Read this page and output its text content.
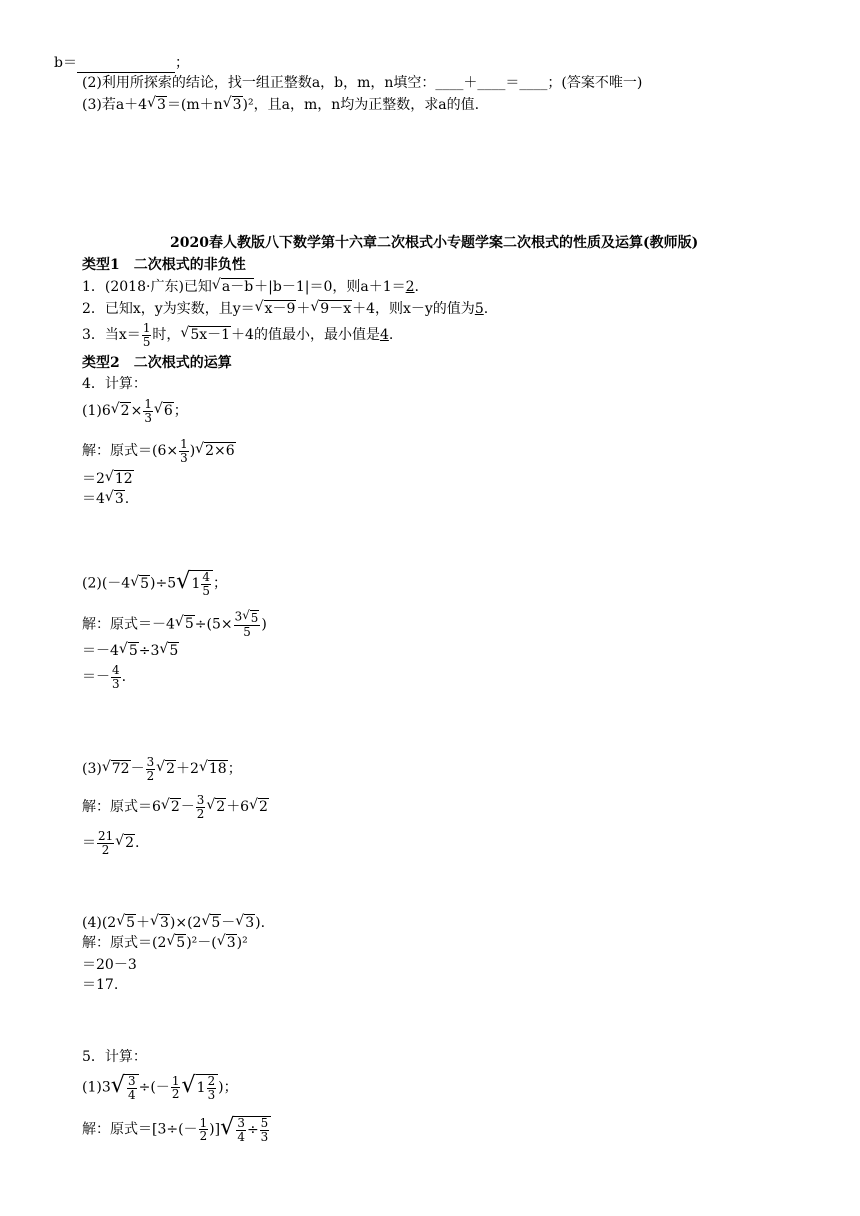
b＝	；
(2)利用所探索的结论，找一组正整数a，b，m，n填空：____＋____＝____；(答案不唯一)
(3)若a＋4 √ 3 ＝(m＋n √ 3 )²，且a，m，n均为正整数，求a的值.
2020春人教版八下数学第十六章二次根式小专题学案二次根式的性质及运算(教师版)
类型1　二次根式的非负性
1．(2018·广东)已知 √ a－b ＋|b－1|＝0，则a＋1＝2.
2．已知x，y为实数，且y＝ √ x－9 ＋ √ 9－x ＋4，则x－y的值为5.
3．当$x= \frac{1}{5}$ 时， √ 5x－1 ＋4的值最小，最小值是4.
类型2　二次根式的运算
4．计算：
(1)6 √ $2 \times \frac{1}{3}$ √ 6 ；
解：原式$=(6\times \frac{1}{3}$ ) √ 2×6
＝2 √ 12
＝4 √ 3 .
(2)(－4 √ 5 )÷5 √ $1 \frac{4}{5}$ ；
解：原式＝－4 √ $5 \div(5\times \frac{3 √ 5}{5}$ )
＝－4 √ 5 ÷3 √ 5
＝－ $\frac{4}{3}$ .
(3) √ $72 - \frac{3}{2}$ √ 2 ＋2 √ 18 ；
解：原式＝6 √ $2 - \frac{3}{2}$ √ 2 ＋6 √ 2
＝ $\frac{21}{2}$ √ 2 .
(4)(2 √ 5 ＋ √ 3 )×(2 √ 5 － √ 3 ).
解：原式＝(2 √ 5 )²－( √ 3 )²
＝20－3
＝17.
5．计算：
(1)3 √ $\frac{3}{4}$ ÷(－ $\frac{1}{2}$ √ $1 \frac{2}{3}$ )；
解：原式$=[3\div(- \frac{1}{2}$ )] √ $\frac{3}{4} \div \frac{5}{3}$
